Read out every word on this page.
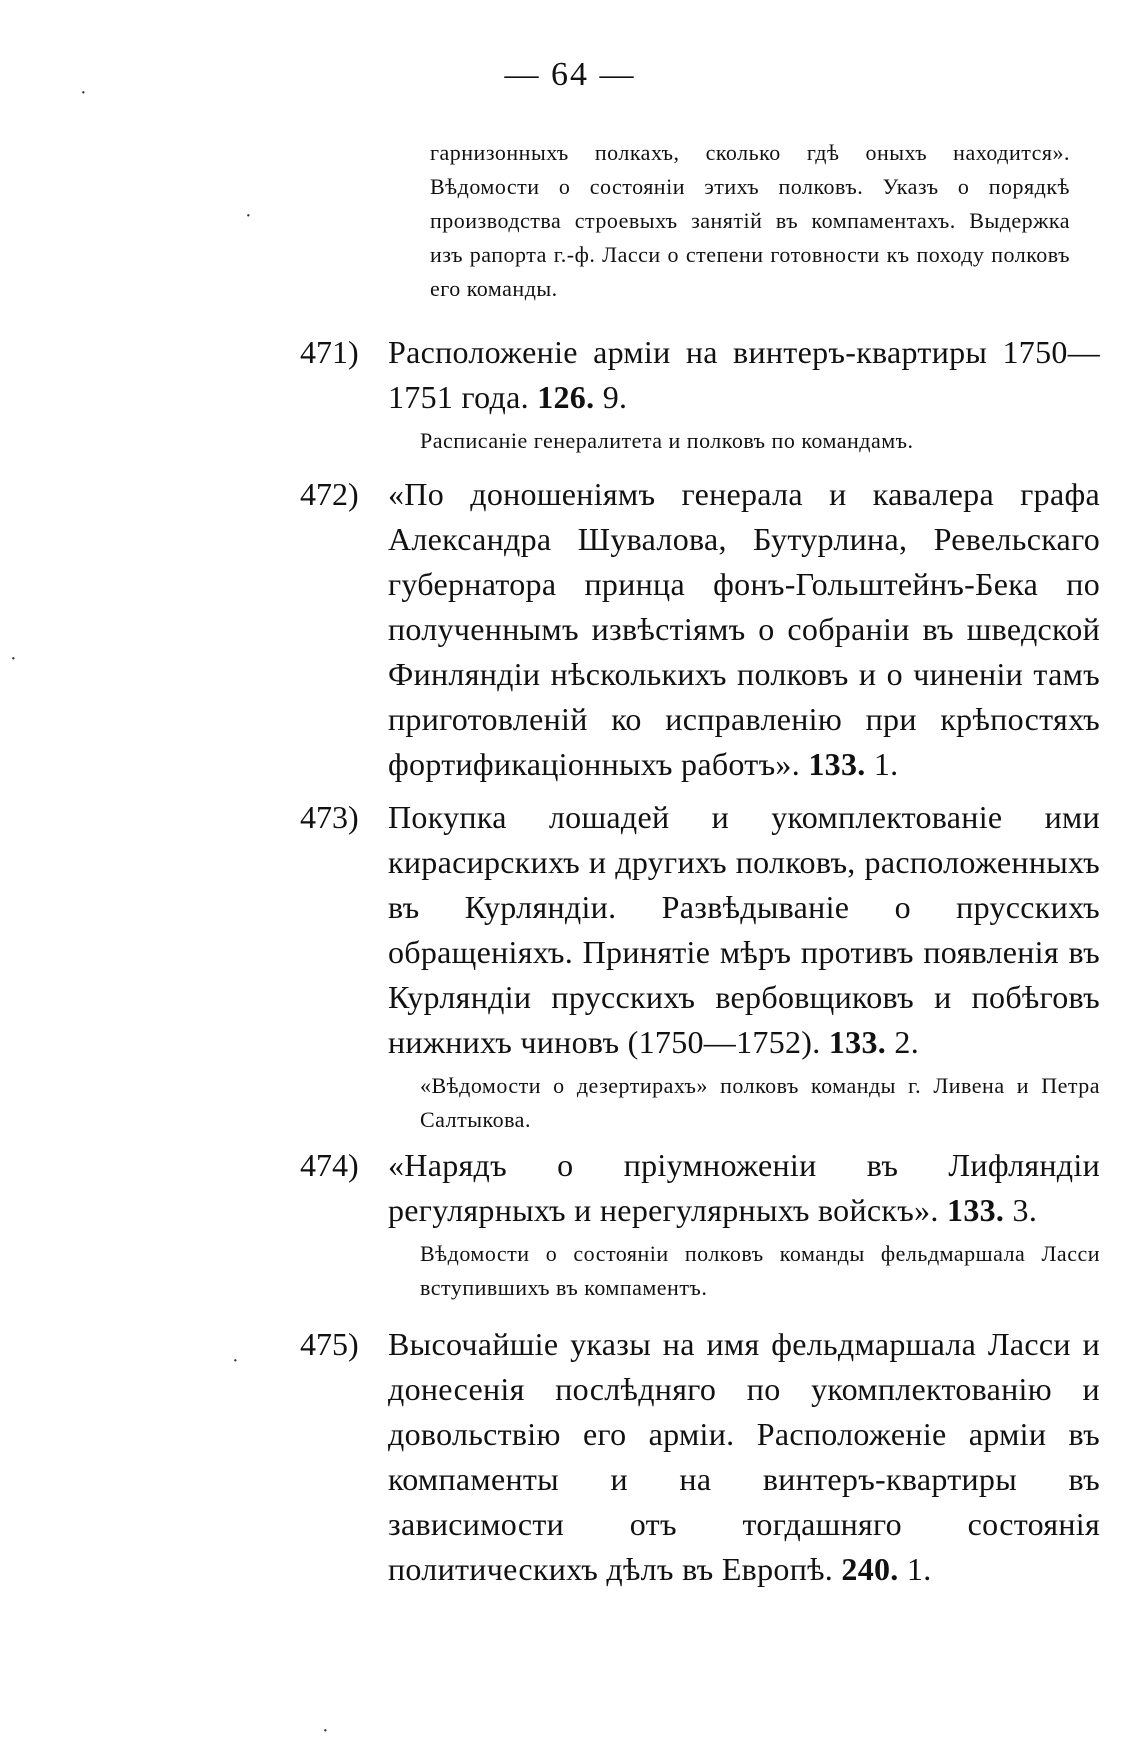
— 64 —
гарнизонныхъ полкахъ, сколько гдѣ оныхъ находится». Вѣдомости о состояніи этихъ полковъ. Указъ о порядкѣ производства строевыхъ занятій въ компаментахъ. Выдержка изъ рапорта г.-ф. Ласси о степени готовности къ походу полковъ его команды.
471) Расположеніе арміи на винтеръ-квартиры 1750—1751 года. 126. 9.
Расписаніе генералитета и полковъ по командамъ.
472) «По доношеніямъ генерала и кавалера графа Александра Шувалова, Бутурлина, Ревельскаго губернатора принца фонъ-Гольштейнъ-Бека по полученнымъ извѣстіямъ о собраніи въ шведской Финляндіи нѣсколькихъ полковъ и о чиненіи тамъ приготовленій ко исправленію при крѣпостяхъ фортификаціонныхъ работъ». 133. 1.
473) Покупка лошадей и укомплектованіе ими кирасирскихъ и другихъ полковъ, расположенныхъ въ Курляндіи. Развѣдываніе о прусскихъ обращеніяхъ. Принятіе мѣръ противъ появленія въ Курляндіи прусскихъ вербовщиковъ и побѣговъ нижнихъ чиновъ (1750—1752). 133. 2.
«Вѣдомости о дезертирахъ» полковъ команды г. Ливена и Петра Салтыкова.
474) «Нарядъ о пріумноженіи въ Лифляндіи регулярныхъ и нерегулярныхъ войскъ». 133. 3.
Вѣдомости о состояніи полковъ команды фельдмаршала Ласси вступившихъ въ компаментъ.
475) Высочайшіе указы на имя фельдмаршала Ласси и донесенія послѣдняго по укомплектованію и довольствію его арміи. Расположеніе арміи въ компаменты и на винтеръ-квартиры въ зависимости отъ тогдашняго состоянія политическихъ дѣлъ въ Европѣ. 240. 1.
·
·
·
·
·
